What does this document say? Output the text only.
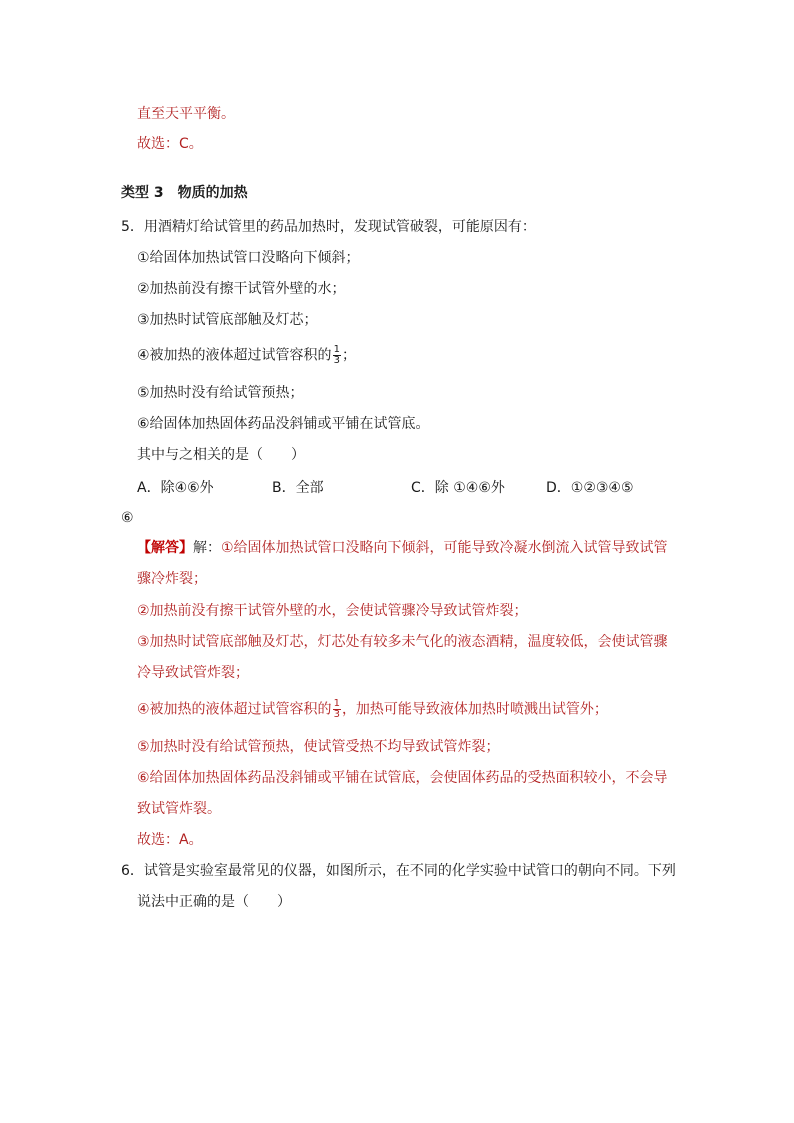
直至天平平衡。
故选：C。
类型 3　物质的加热
5．用酒精灯给试管里的药品加热时，发现试管破裂，可能原因有：
①给固体加热试管口没略向下倾斜；
②加热前没有擦干试管外壁的水；
③加热时试管底部触及灯芯；
④被加热的液体超过试管容积的 $\frac{1}{3}$ ；
⑤加热时没有给试管预热；
⑥给固体加热固体药品没斜铺或平铺在试管底。
其中与之相关的是（　　）
A．除④⑥外	B．全部	C．除 ①④⑥外	D．①②③④⑤
⑥
【解答】解：①给固体加热试管口没略向下倾斜，可能导致冷凝水倒流入试管导致试管
骤冷炸裂；
②加热前没有擦干试管外壁的水，会使试管骤冷导致试管炸裂；
③加热时试管底部触及灯芯，灯芯处有较多未气化的液态酒精，温度较低，会使试管骤
冷导致试管炸裂；
④被加热的液体超过试管容积的 $\frac{1}{3}$ ，加热可能导致液体加热时喷溅出试管外；
⑤加热时没有给试管预热，使试管受热不均导致试管炸裂；
⑥给固体加热固体药品没斜铺或平铺在试管底，会使固体药品的受热面积较小，不会导
致试管炸裂。
故选：A。
6．试管是实验室最常见的仪器，如图所示，在不同的化学实验中试管口的朝向不同。下列
说法中正确的是（　　）
